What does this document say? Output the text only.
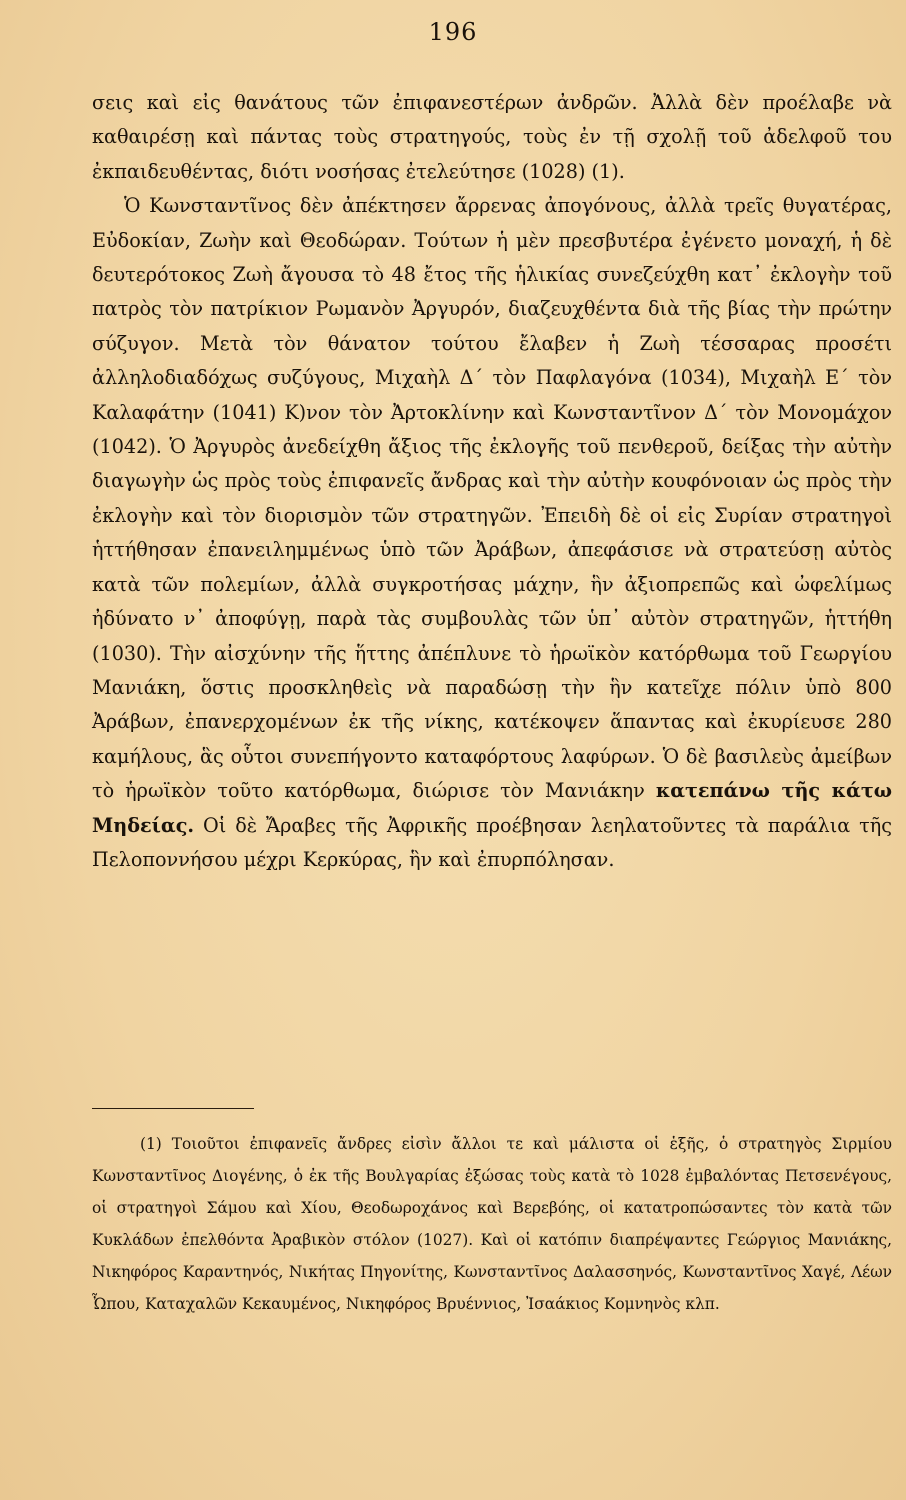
196

σεις καὶ εἰς θανάτους τῶν ἐπιφανεστέρων ἀνδρῶν. Ἀλλὰ δὲν προέλαβε νὰ καθαιρέσῃ καὶ πάντας τοὺς στρατηγούς, τοὺς ἐν τῇ σχολῇ τοῦ ἀδελφοῦ του ἐκπαιδευθέντας, διότι νοσήσας ἐτελεύτησε (1028) (1).

Ὁ Κωνσταντῖνος δὲν ἀπέκτησεν ἄρρενας ἀπογόνους, ἀλλὰ τρεῖς θυγατέρας, Εὐδοκίαν, Ζωὴν καὶ Θεοδώραν. Τούτων ἡ μὲν πρεσβυτέρα ἐγένετο μοναχή, ἡ δὲ δευτερότοκος Ζωὴ ἄγουσα τὸ 48 ἔτος τῆς ἡλικίας συνεζεύχθη κατ᾿ ἐκλογὴν τοῦ πατρὸς τὸν πατρίκιον Ρωμανὸν Ἀργυρόν, διαζευχθέντα διὰ τῆς βίας τὴν πρώτην σύζυγον. Μετὰ τὸν θάνατον τούτου ἔλαβεν ἡ Ζωὴ τέσσαρας προσέτι ἀλληλοδιαδόχως συζύγους, Μιχαὴλ Δ΄ τὸν Παφλαγόνα (1034), Μιχαὴλ Ε΄ τὸν Καλαφάτην (1041) Κ)νον τὸν Ἀρτοκλίνην καὶ Κωνσταντῖνον Δ΄ τὸν Μονομάχον (1042). Ὁ Ἀργυρὸς ἀνεδείχθη ἄξιος τῆς ἐκλογῆς τοῦ πενθεροῦ, δείξας τὴν αὐτὴν διαγωγὴν ὡς πρὸς τοὺς ἐπιφανεῖς ἄνδρας καὶ τὴν αὐτὴν κουφόνοιαν ὡς πρὸς τὴν ἐκλογὴν καὶ τὸν διορισμὸν τῶν στρατηγῶν. Ἐπειδὴ δὲ οἱ εἰς Συρίαν στρατηγοὶ ἡττήθησαν ἐπανειλημμένως ὑπὸ τῶν Ἀράβων, ἀπεφάσισε νὰ στρατεύσῃ αὐτὸς κατὰ τῶν πολεμίων, ἀλλὰ συγκροτήσας μάχην, ἣν ἀξιοπρεπῶς καὶ ὠφελίμως ἠδύνατο ν᾿ ἀποφύγῃ, παρὰ τὰς συμβουλὰς τῶν ὑπ᾿ αὐτὸν στρατηγῶν, ἡττήθη (1030). Τὴν αἰσχύνην τῆς ἥττης ἀπέπλυνε τὸ ἡρωϊκὸν κατόρθωμα τοῦ Γεωργίου Μανιάκη, ὅστις προσκληθεὶς νὰ παραδώσῃ τὴν ἣν κατεῖχε πόλιν ὑπὸ 800 Ἀράβων, ἐπανερχομένων ἐκ τῆς νίκης, κατέκοψεν ἅπαντας καὶ ἐκυρίευσε 280 καμήλους, ἃς οὗτοι συνεπήγοντο καταφόρτους λαφύρων. Ὁ δὲ βασιλεὺς ἀμείβων τὸ ἡρωϊκὸν τοῦτο κατόρθωμα, διώρισε τὸν Μανιάκην κατεπάνω τῆς κάτω Μηδείας. Οἱ δὲ Ἄραβες τῆς Ἀφρικῆς προέβησαν λεηλατοῦντες τὰ παράλια τῆς Πελοποννήσου μέχρι Κερκύρας, ἣν καὶ ἐπυρπόλησαν.

(1) Τοιοῦτοι ἐπιφανεῖς ἄνδρες εἰσὶν ἄλλοι τε καὶ μάλιστα οἱ ἑξῆς, ὁ στρατηγὸς Σιρμίου Κωνσταντῖνος Διογένης, ὁ ἐκ τῆς Βουλγαρίας ἐξώσας τοὺς κατὰ τὸ 1028 ἐμβαλόντας Πετσενέγους, οἱ στρατηγοὶ Σάμου καὶ Χίου, Θεοδωροχάνος καὶ Βερεβόης, οἱ κατατροπώσαντες τὸν κατὰ τῶν Κυκλάδων ἐπελθόντα Ἀραβικὸν στόλον (1027). Καὶ οἱ κατόπιν διαπρέψαντες Γεώργιος Μανιάκης, Νικηφόρος Καραντηνός, Νικήτας Πηγονίτης, Κωνσταντῖνος Δαλασσηνός, Κωνσταντῖνος Χαγέ, Λέων Ὦπου, Καταχαλῶν Κεκαυμένος, Νικηφόρος Βρυέννιος, Ἰσαάκιος Κομνηνὸς κλπ.
